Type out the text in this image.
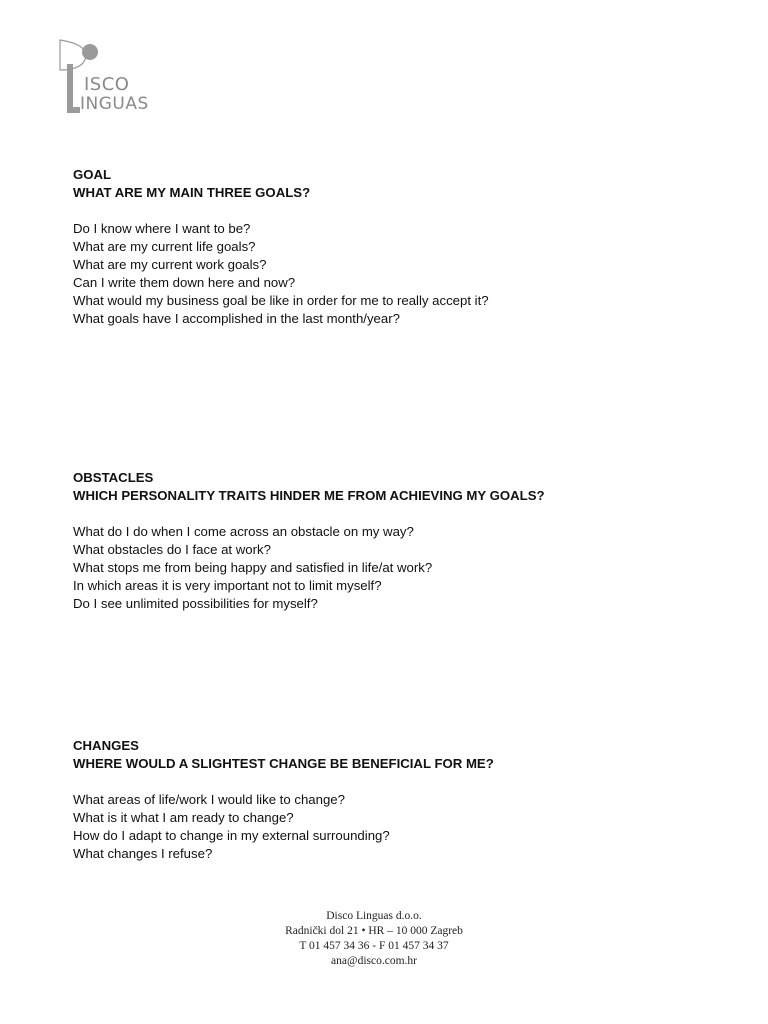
ISCO
INGUAS

GOAL

WHAT ARE MY MAIN THREE GOALS?

Do I know where I want to be?

What are my current life goals?

What are my current work goals?

Can I write them down here and now?

What would my business goal be like in order for me to really accept it?

What goals have I accomplished in the last month/year?

OBSTACLES

WHICH PERSONALITY TRAITS HINDER ME FROM ACHIEVING MY GOALS?

What do I do when I come across an obstacle on my way?

What obstacles do I face at work?

What stops me from being happy and satisfied in life/at work?

In which areas it is very important not to limit myself?

Do I see unlimited possibilities for myself?

CHANGES

WHERE WOULD A SLIGHTEST CHANGE BE BENEFICIAL FOR ME?

What areas of life/work I would like to change?

What is it what I am ready to change?

How do I adapt to change in my external surrounding?

What changes I refuse?

Disco Linguas d.o.o.
Radnički dol 21 • HR – 10 000 Zagreb
T 01 457 34 36 - F 01 457 34 37
ana@disco.com.hr
